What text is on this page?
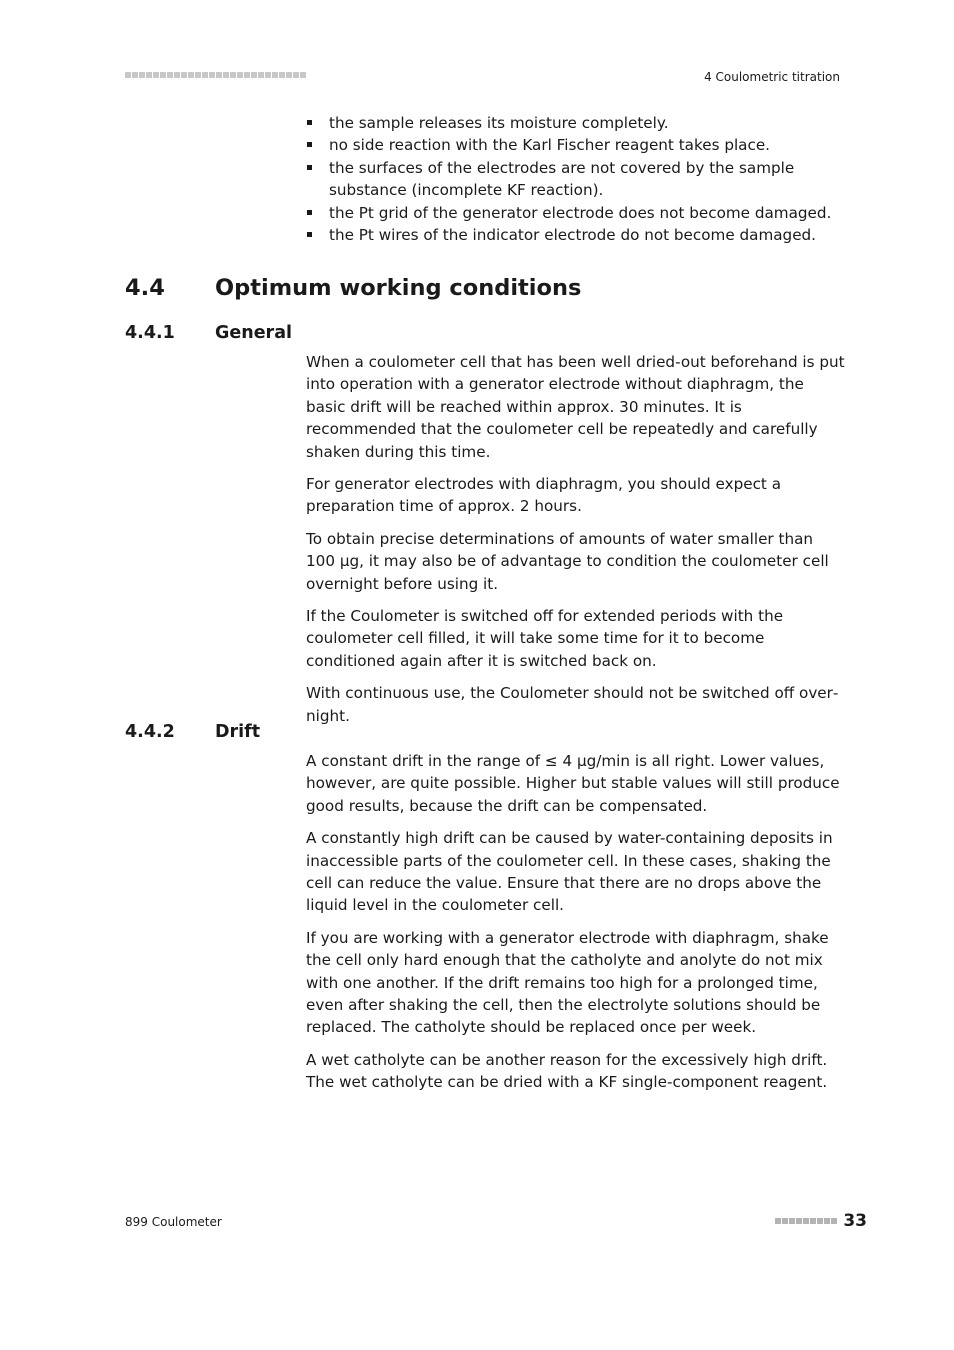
4 Coulometric titration
the sample releases its moisture completely.
no side reaction with the Karl Fischer reagent takes place.
the surfaces of the electrodes are not covered by the sample substance (incomplete KF reaction).
the Pt grid of the generator electrode does not become damaged.
the Pt wires of the indicator electrode do not become damaged.
4.4 Optimum working conditions
4.4.1 General

When a coulometer cell that has been well dried-out beforehand is put into operation with a generator electrode without diaphragm, the basic drift will be reached within approx. 30 minutes. It is recommended that the coulometer cell be repeatedly and carefully shaken during this time.

For generator electrodes with diaphragm, you should expect a preparation time of approx. 2 hours.

To obtain precise determinations of amounts of water smaller than 100 µg, it may also be of advantage to condition the coulometer cell overnight before using it.

If the Coulometer is switched off for extended periods with the coulometer cell filled, it will take some time for it to become conditioned again after it is switched back on.

With continuous use, the Coulometer should not be switched off overnight.

4.4.2 Drift

A constant drift in the range of ≤ 4 µg/min is all right. Lower values, however, are quite possible. Higher but stable values will still produce good results, because the drift can be compensated.

A constantly high drift can be caused by water-containing deposits in inaccessible parts of the coulometer cell. In these cases, shaking the cell can reduce the value. Ensure that there are no drops above the liquid level in the coulometer cell.

If you are working with a generator electrode with diaphragm, shake the cell only hard enough that the catholyte and anolyte do not mix with one another. If the drift remains too high for a prolonged time, even after shaking the cell, then the electrolyte solutions should be replaced. The catholyte should be replaced once per week.

A wet catholyte can be another reason for the excessively high drift. The wet catholyte can be dried with a KF single-component reagent.

899 Coulometer	33
